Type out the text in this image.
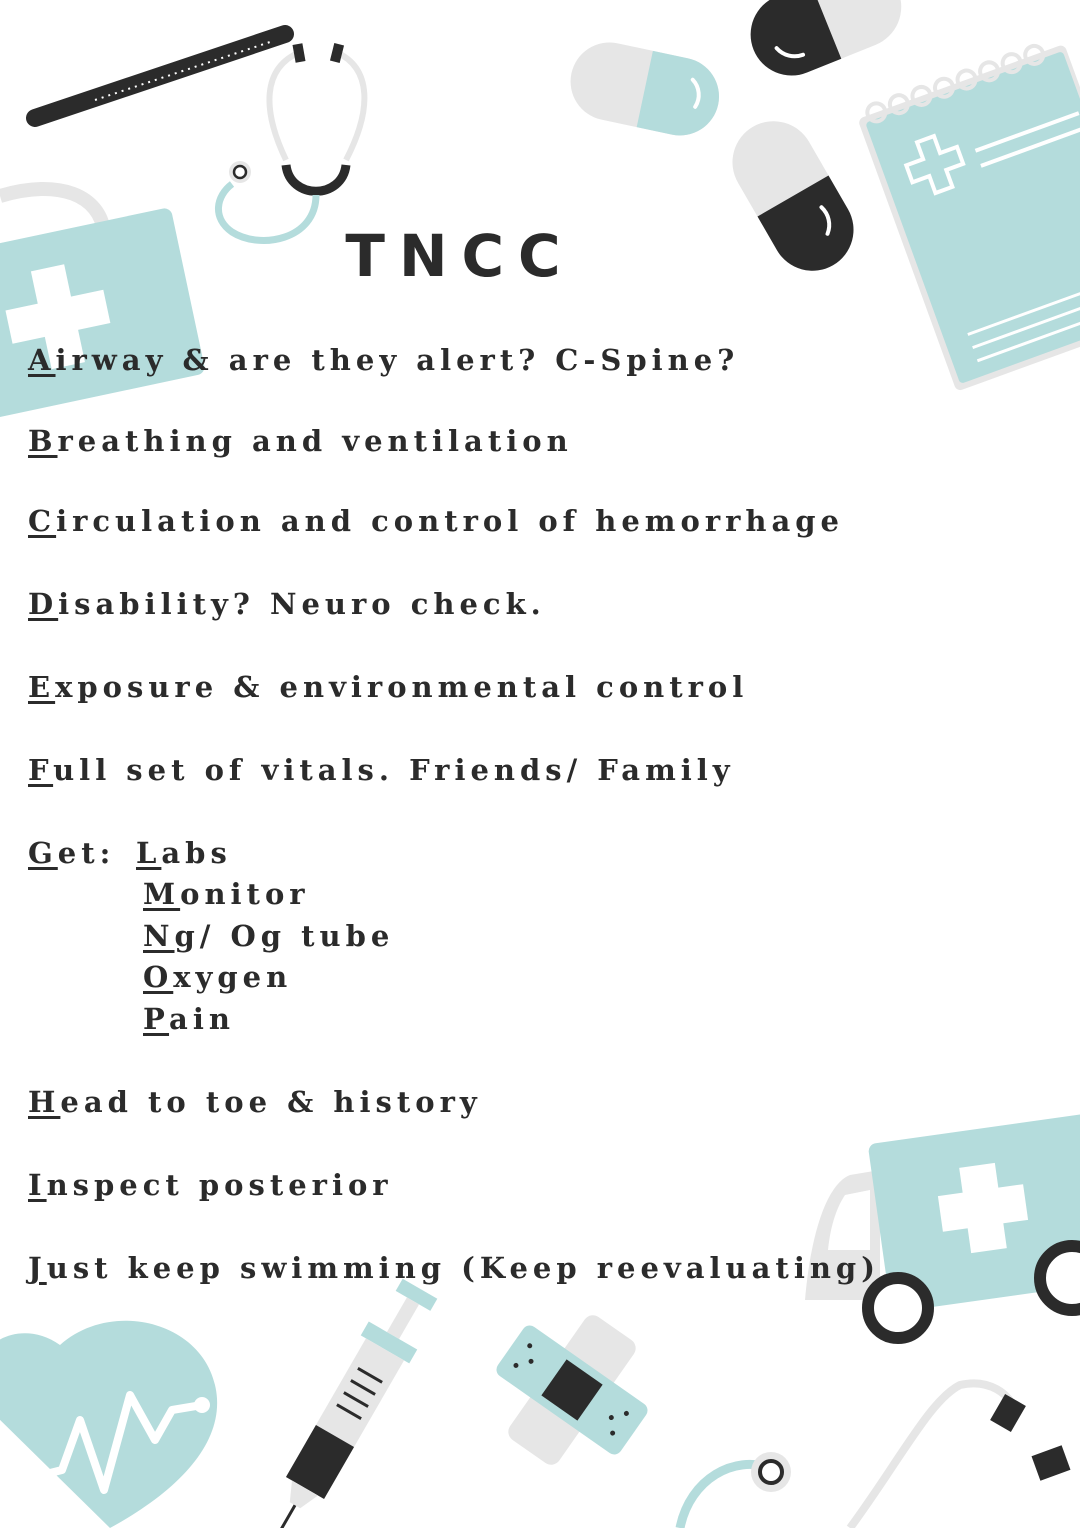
TNCC
Airway & are they alert? C-Spine?
Breathing and ventilation
Circulation and control of hemorrhage
Disability? Neuro check.
Exposure & environmental control
Full set of vitals. Friends/ Family
Get: Labs
Monitor
Ng/ Og tube
Oxygen
Pain
Head to toe & history
Inspect posterior
Just keep swimming (Keep reevaluating)
